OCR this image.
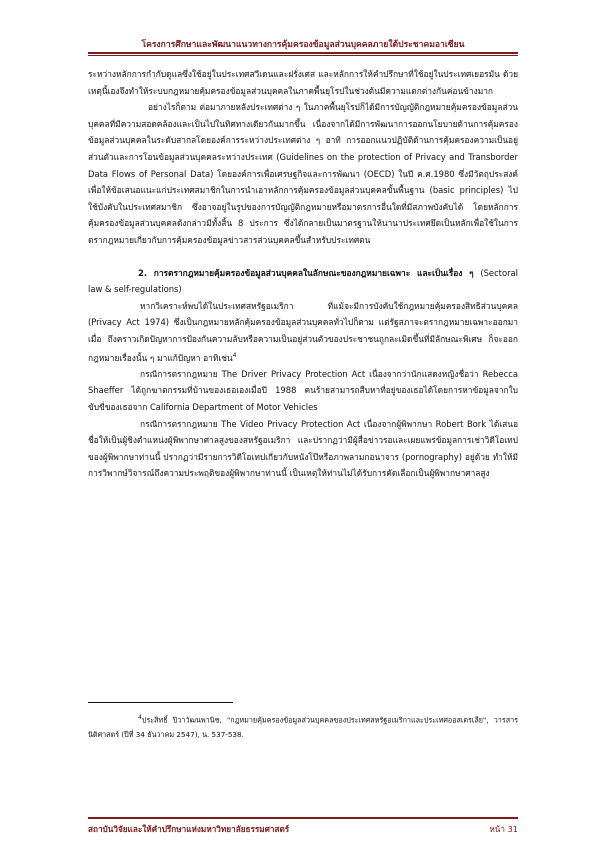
โครงการศึกษาและพัฒนาแนวทางการคุ้มครองข้อมูลส่วนบุคคลภายใต้ประชาคมอาเซียน

ระหว่างหลักการกำกับดูแลซึ่งใช้อยู่ในประเทศสวีเดนและฝรั่งเศส และหลักการให้คำปรึกษาที่ใช้อยู่ในประเทศเยอรมัน ด้วยเหตุนี้เองจึงทำให้ระบบกฎหมายคุ้มครองข้อมูลส่วนบุคคลในภาคพื้นยุโรปในช่วงต้นมีความแตกต่างกันค่อนข้างมาก

อย่างไรก็ตาม ต่อมาภายหลังประเทศต่าง ๆ ในภาคพื้นยุโรปก็ได้มีการบัญญัติกฎหมายคุ้มครองข้อมูลส่วนบุคคลที่มีความสอดคล้องและเป็นไปในทิศทางเดียวกันมากขึ้น เนื่องจากได้มีการพัฒนาการออกนโยบายด้านการคุ้มครองข้อมูลส่วนบุคคลในระดับสากลโดยองค์การระหว่างประเทศต่าง ๆ อาทิ การออกแนวปฏิบัติด้านการคุ้มครองความเป็นอยู่ส่วนตัวและการโอนข้อมูลส่วนบุคคลระหว่างประเทศ (Guidelines on the protection of Privacy and Transborder Data Flows of Personal Data) โดยองค์การเพื่อเศรษฐกิจและการพัฒนา (OECD) ในปี ค.ศ.1980 ซึ่งมีวัตถุประสงค์เพื่อให้ข้อเสนอแนะแก่ประเทศสมาชิกในการนำเอาหลักการคุ้มครองข้อมูลส่วนบุคคลขั้นพื้นฐาน (basic principles) ไปใช้บังคับในประเทศสมาชิก ซึ่งอาจอยู่ในรูปของการบัญญัติกฎหมายหรือมาตรการอื่นใดที่มีสภาพบังคับได้ โดยหลักการคุ้มครองข้อมูลส่วนบุคคลดังกล่าวมีทั้งสิ้น 8 ประการ ซึ่งได้กลายเป็นมาตรฐานให้นานาประเทศยึดเป็นหลักเพื่อใช้ในการตรากฎหมายเกี่ยวกับการคุ้มครองข้อมูลข่าวสารส่วนบุคคลขึ้นสำหรับประเทศตน

2. การตรากฎหมายคุ้มครองข้อมูลส่วนบุคคลในลักษณะของกฎหมายเฉพาะ และเป็นเรื่อง ๆ (Sectoral law & self-regulations)

หากวิเคราะห์พบได้ในประเทศสหรัฐอเมริกา ที่แม้จะมีการบังคับใช้กฎหมายคุ้มครองสิทธิส่วนบุคคล (Privacy Act 1974) ซึ่งเป็นกฎหมายหลักคุ้มครองข้อมูลส่วนบุคคลทั่วไปก็ตาม แต่รัฐสภาจะตรากฎหมายเฉพาะออกมาเมื่อ ถึงคราวเกิดปัญหาการป้องกันความลับหรือความเป็นอยู่ส่วนตัวของประชาชนถูกละเมิดขึ้นที่มีลักษณะพิเศษ ก็จะออกกฎหมายเรื่องนั้น ๆ มาแก้ปัญหา อาทิเช่น$^4$

กรณีการตรากฎหมาย The Driver Privacy Protection Act เนื่องจากว่านักแสดงหญิงชื่อว่า Rebecca Shaeffer ได้ถูกฆาตกรรมที่บ้านของเธอเองเมื่อปี 1988 คนร้ายสามารถสืบหาที่อยู่ของเธอได้โดยการหาข้อมูลจากใบขับขี่ของเธอจาก California Department of Motor Vehicles

กรณีการตรากฎหมาย The Video Privacy Protection Act เนื่องจากผู้พิพากษา Robert Bork ได้เสนอชื่อให้เป็นผู้ชิงตำแหน่งผู้พิพากษาศาลสูงของสหรัฐอเมริกา และปรากฏว่ามีผู้สื่อข่าวรอและเผยแพร่ข้อมูลการเช่าวิดีโอเทป ของผู้พิพากษาท่านนี้ ปรากฏว่ามีรายการวิดีโอเทปเกี่ยวกับหนังโป๊หรือภาพลามกอนาจาร (pornography) อยู่ด้วย ทำให้มีการวิพากษ์วิจารณ์ถึงความประพฤติของผู้พิพากษาท่านนี้ เป็นเหตุให้ท่านไม่ได้รับการคัดเลือกเป็นผู้พิพากษาศาลสูง

$^4$ประสิทธิ์ ปิวาวัฒนพานิช, "กฎหมายคุ้มครองข้อมูลส่วนบุคคลของประเทศสหรัฐอเมริกาและประเทศออสเตรเลีย", วารสารนิติศาสตร์ (ปีที่ 34 ธันวาคม 2547), น. 537-538.
สถาบันวิจัยและให้คำปรึกษาแห่งมหาวิทยาลัยธรรมศาสตร์	หน้า 31
